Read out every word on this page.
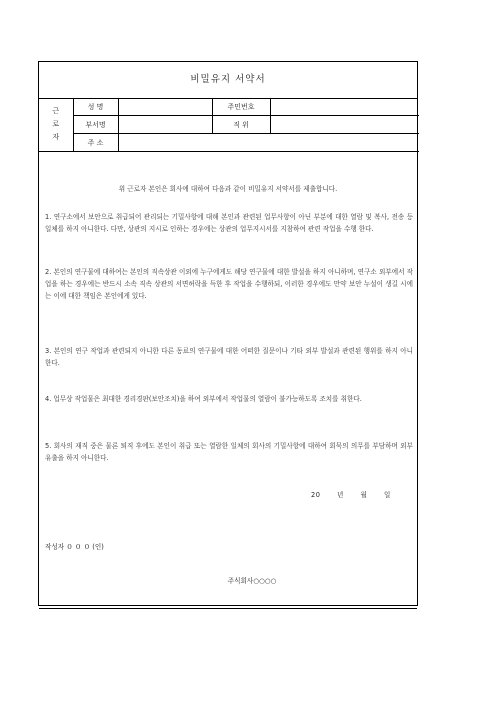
비밀유지 서약서
근
로
자	성 명		주민번호	
	부서명		직 위	
	주 소			
위 근로자 본인은 회사에 대하여 다음과 같이 비밀유지 서약서를 제출합니다.
1. 연구소에서 보안으로 취급되어 관리되는 기밀사항에 대해 본인과 관련된 업무사항이 아닌 부분에 대한 열람 및 복사, 전송 등 일체를 하지 아니한다. 다만, 상관의 지시로 인하는 경우에는 상관의 업무지시서를 지참하여 관련 작업을 수행 한다.
2. 본인의 연구물에 대하여는 본인의 직속상관 이외에 누구에게도 해당 연구물에 대한 발설을 하지 아니하며, 연구소 외부에서 작업을 하는 경우에는 반드시 소속 직속 상관의 서면허락을 득한 후 작업을 수행하되, 이러한 경우에도 만약 보안 누설이 생길 시에는 이에 대한 책임은 본인에게 있다.
3. 본인의 연구 작업과 관련되지 아니한 다른 동료의 연구물에 대한 어떠한 질문이나 기타 외부 발설과 관련된 행위를 하지 아니한다.
4. 업무상 작업물은 최대한 경리경판(보안조치)을 하여 외부에서 작업물의 열람이 불가능하도록 조치를 취한다.
5. 회사의 재직 중은 물론 퇴직 후에도 본인이 취급 또는 열람한 일체의 회사의 기밀사항에 대하여 회묵의 의무를 부담하며 외부유출을 하지 아니한다.
20	년	월	일
작성자 ０ ０ ０ (인)
주식회사○○○○
